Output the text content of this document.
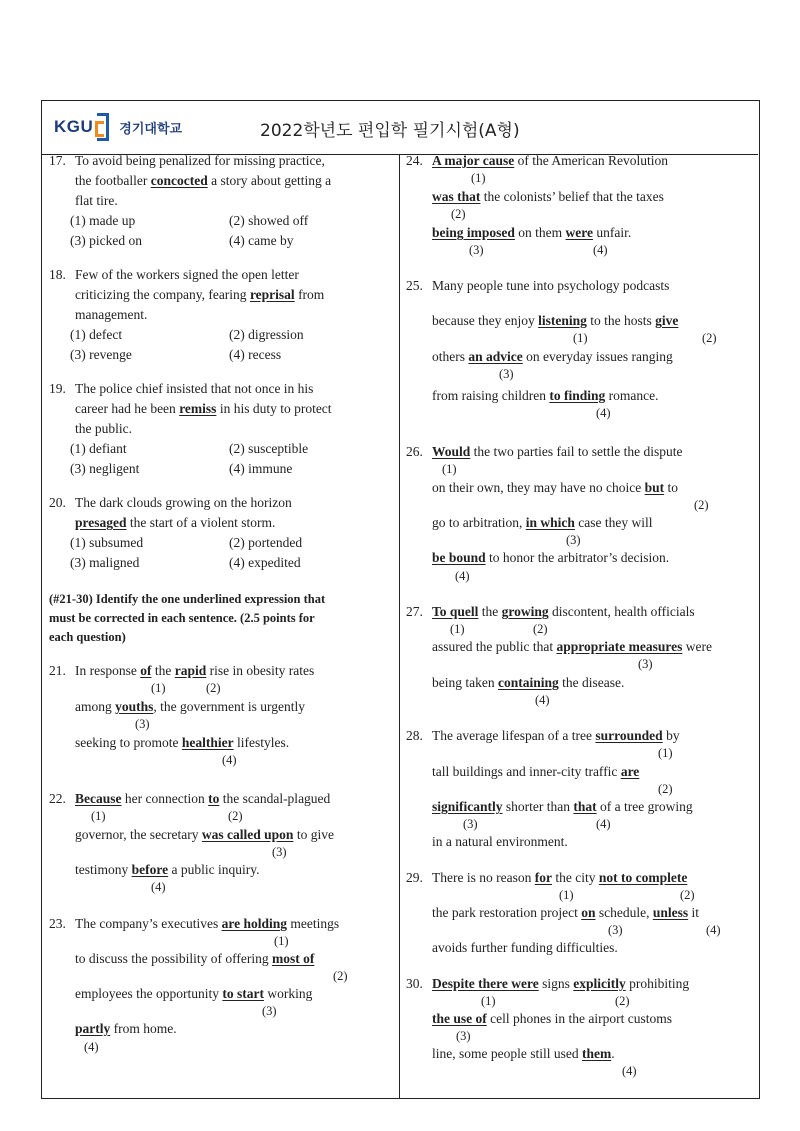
KGU 경기대학교	2022학년도 편입학 필기시험(A형)
17. To avoid being penalized for missing practice,
the footballer concocted a story about getting a
flat tire.
(1) made up	(2) showed off
(3) picked on	(4) came by
18. Few of the workers signed the open letter
criticizing the company, fearing reprisal from
management.
(1) defect	(2) digression
(3) revenge	(4) recess
19. The police chief insisted that not once in his
career had he been remiss in his duty to protect
the public.
(1) defiant	(2) susceptible
(3) negligent	(4) immune
20. The dark clouds growing on the horizon
presaged the start of a violent storm.
(1) subsumed	(2) portended
(3) maligned	(4) expedited
(#21-30) Identify the one underlined expression that
must be corrected in each sentence. (2.5 points for
each question)
21. In response of the rapid rise in obesity rates
(1)	(2)
among youths, the government is urgently
(3)
seeking to promote healthier lifestyles.
(4)
22. Because her connection to the scandal-plagued
(1)	(2)
governor, the secretary was called upon to give
(3)
testimony before a public inquiry.
(4)
23. The company’s executives are holding meetings
(1)
to discuss the possibility of offering most of
(2)
employees the opportunity to start working
(3)
partly from home.
(4)
24. A major cause of the American Revolution
(1)
was that the colonists’ belief that the taxes
(2)
being imposed on them were unfair.
(3)	(4)
25. Many people tune into psychology podcasts
because they enjoy listening to the hosts give
(1)	(2)
others an advice on everyday issues ranging
(3)
from raising children to finding romance.
(4)
26. Would the two parties fail to settle the dispute
(1)
on their own, they may have no choice but to
(2)
go to arbitration, in which case they will
(3)
be bound to honor the arbitrator’s decision.
(4)
27. To quell the growing discontent, health officials
(1)	(2)
assured the public that appropriate measures were
(3)
being taken containing the disease.
(4)
28. The average lifespan of a tree surrounded by
(1)
tall buildings and inner-city traffic are
(2)
significantly shorter than that of a tree growing
(3)	(4)
in a natural environment.
29. There is no reason for the city not to complete
(1)	(2)
the park restoration project on schedule, unless it
(3)	(4)
avoids further funding difficulties.
30. Despite there were signs explicitly prohibiting
(1)	(2)
the use of cell phones in the airport customs
(3)
line, some people still used them.
(4)
